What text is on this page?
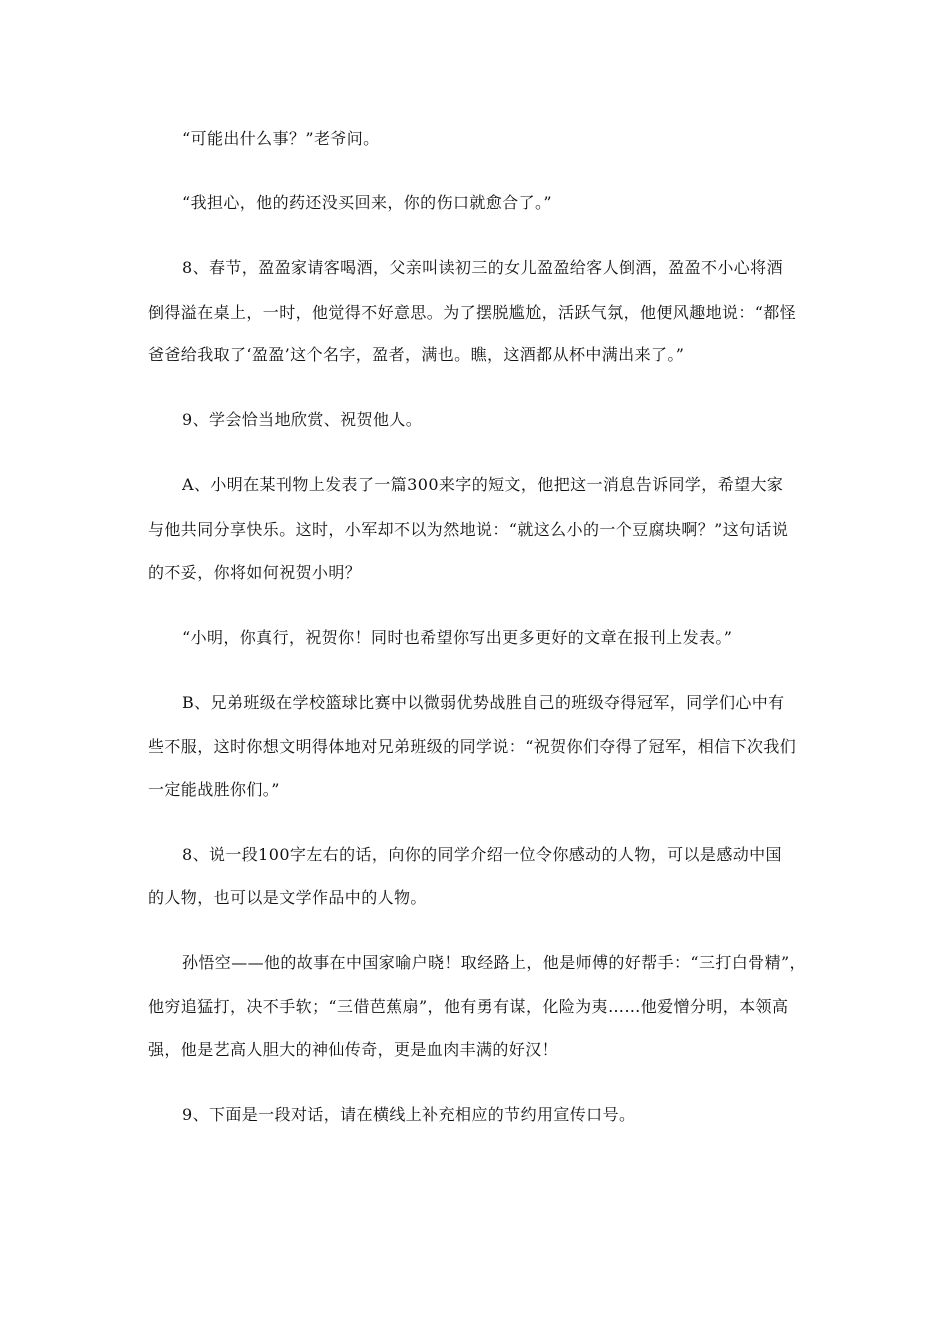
“可能出什么事？”老爷问。
“我担心，他的药还没买回来，你的伤口就愈合了。”
8、春节，盈盈家请客喝酒，父亲叫读初三的女儿盈盈给客人倒酒，盈盈不小心将酒
倒得溢在桌上，一时，他觉得不好意思。为了摆脱尴尬，活跃气氛，他便风趣地说：“都怪
爸爸给我取了‘盈盈’这个名字，盈者，满也。瞧，这酒都从杯中满出来了。”
9、学会恰当地欣赏、祝贺他人。
A、小明在某刊物上发表了一篇300来字的短文，他把这一消息告诉同学，希望大家
与他共同分享快乐。这时，小军却不以为然地说：“就这么小的一个豆腐块啊？”这句话说
的不妥，你将如何祝贺小明？
“小明，你真行，祝贺你！同时也希望你写出更多更好的文章在报刊上发表。”
B、兄弟班级在学校篮球比赛中以微弱优势战胜自己的班级夺得冠军，同学们心中有
些不服，这时你想文明得体地对兄弟班级的同学说：“祝贺你们夺得了冠军，相信下次我们
一定能战胜你们。”
8、说一段100字左右的话，向你的同学介绍一位令你感动的人物，可以是感动中国
的人物，也可以是文学作品中的人物。
孙悟空——他的故事在中国家喻户晓！取经路上，他是师傅的好帮手：“三打白骨精”，
他穷追猛打，决不手软；“三借芭蕉扇”，他有勇有谋，化险为夷……他爱憎分明，本领高
强，他是艺高人胆大的神仙传奇，更是血肉丰满的好汉！
9、下面是一段对话，请在横线上补充相应的节约用宣传口号。
